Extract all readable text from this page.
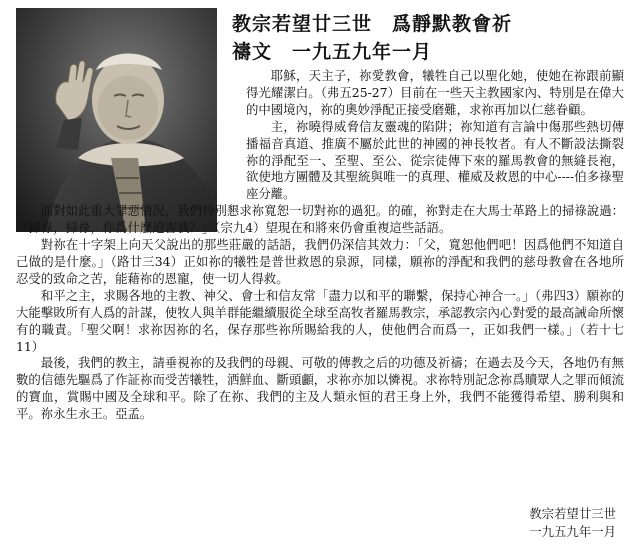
教宗若望廿三世　爲靜默教會祈
禱文　一九五九年一月

耶穌，天主子，祢愛教會，犧牲自己以聖化她，使她在祢跟前顯得光耀潔白。（弗五25-27）目前在一些天主教國家內、特別是在偉大的中國境內，祢的奧妙淨配正接受磨難，求祢再加以仁慈眷顧。

主，祢曉得威脅信友靈魂的陷阱；祢知道有言論中傷那些熱切傳播福音真道、推廣不屬於此世的神國的神長牧者。有人不斷設法撕裂祢的淨配至一、至聖、至公、從宗徒傳下來的羅馬教會的無縫長袍，欲使地方團體及其聖統與唯一的真理、權威及救恩的中心----伯多祿聖座分離。

面對如此重大罪惡情況，我們特別懇求祢寬恕一切對祢的過犯。的確，祢對走在大馬士革路上的掃祿說過：「掃祿，掃祿，你爲什麼迫害我？」（宗九4）望現在和將來仍會重複這些話語。

對祢在十字架上向天父說出的那些莊嚴的話語，我們仍深信其效力：「父，寬恕他們吧！因爲他們不知道自己做的是什麼。」（路廿三34）正如祢的犧牲是普世救恩的泉源，同樣，願祢的淨配和我們的慈母教會在各地所忍受的致命之苦，能藉祢的恩寵，使一切人得救。

和平之主，求賜各地的主教、神父、會士和信友常「盡力以和平的聯繫，保持心神合一。」（弗四3）願祢的大能擊敗所有人爲的計謀，使牧人與羊群能繼續服從全球至高牧者羅馬教宗，承認教宗內心對愛的最高誡命所懷有的職責。「聖父啊！求祢因祢的名，保存那些祢所賜給我的人，使他們合而爲一，正如我們一樣。」（若十七11）

最後，我們的教主，請垂視祢的及我們的母親、可敬的傳教之后的功德及祈禱；在過去及今天，各地仍有無數的信德先驅爲了作証祢而受苦犧牲，洒鮮血、斷頭顱，求祢亦加以憐視。求祢特別記念祢爲贖眾人之罪而傾流的寶血，賞賜中國及全球和平。除了在祢、我們的主及人類永恒的君王身上外，我們不能獲得希望、勝利與和平。祢永生永王。亞孟。

教宗若望廿三世
一九五九年一月
